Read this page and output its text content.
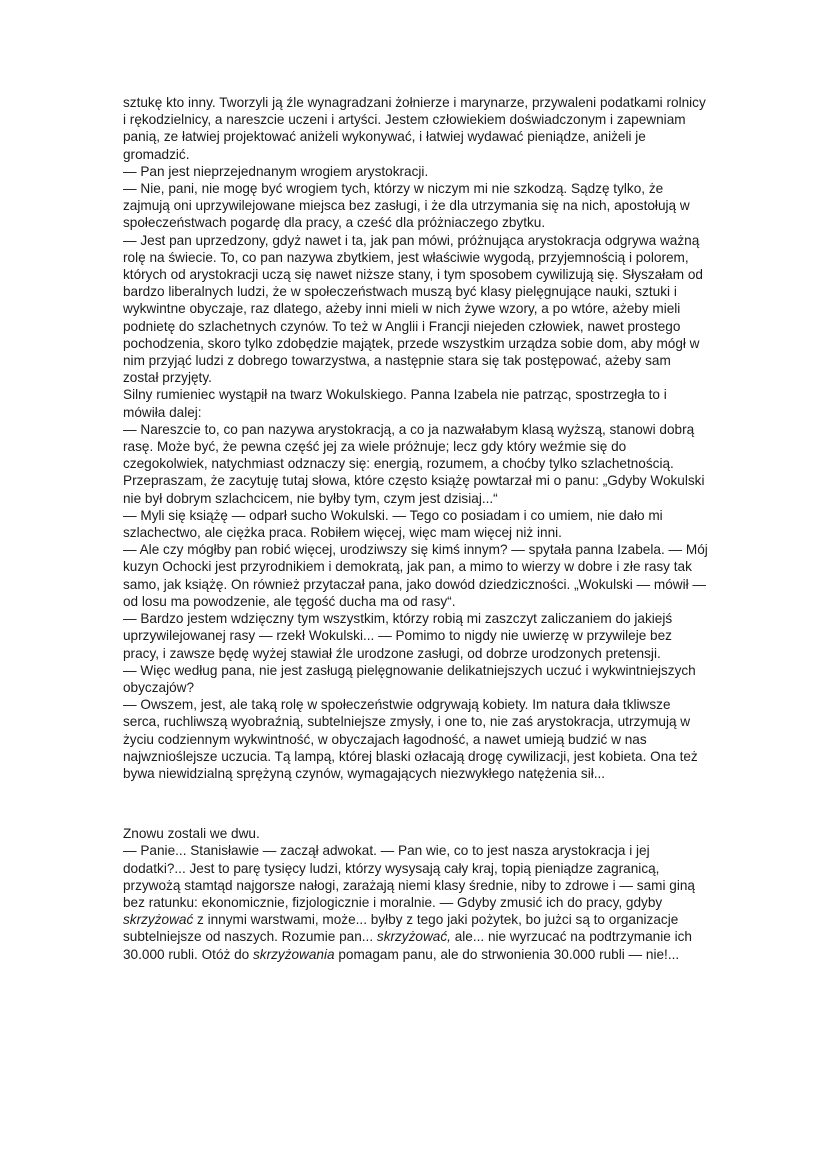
sztukę kto inny. Tworzyli ją źle wynagradzani żołnierze i marynarze, przywaleni podatkami rolnicy i rękodzielnicy, a nareszcie uczeni i artyści. Jestem człowiekiem doświadczonym i zapewniam panią, ze łatwiej projektować aniżeli wykonywać, i łatwiej wydawać pieniądze, aniżeli je gromadzić.

— Pan jest nieprzejednanym wrogiem arystokracji.

— Nie, pani, nie mogę być wrogiem tych, którzy w niczym mi nie szkodzą. Sądzę tylko, że zajmują oni uprzywilejowane miejsca bez zasługi, i że dla utrzymania się na nich, apostołują w społeczeństwach pogardę dla pracy, a cześć dla próżniaczego zbytku.

— Jest pan uprzedzony, gdyż nawet i ta, jak pan mówi, próżnująca arystokracja odgrywa ważną rolę na świecie. To, co pan nazywa zbytkiem, jest właściwie wygodą, przyjemnością i polorem, których od arystokracji uczą się nawet niższe stany, i tym sposobem cywilizują się. Słyszałam od bardzo liberalnych ludzi, że w społeczeństwach muszą być klasy pielęgnujące nauki, sztuki i wykwintne obyczaje, raz dlatego, ażeby inni mieli w nich żywe wzory, a po wtóre, ażeby mieli podnietę do szlachetnych czynów. To też w Anglii i Francji niejeden człowiek, nawet prostego pochodzenia, skoro tylko zdobędzie majątek, przede wszystkim urządza sobie dom, aby mógł w nim przyjąć ludzi z dobrego towarzystwa, a następnie stara się tak postępować, ażeby sam został przyjęty.

Silny rumieniec wystąpił na twarz Wokulskiego. Panna Izabela nie patrząc, spostrzegła to i mówiła dalej:

— Nareszcie to, co pan nazywa arystokracją, a co ja nazwałabym klasą wyższą, stanowi dobrą rasę. Może być, że pewna część jej za wiele próżnuje; lecz gdy który weźmie się do czegokolwiek, natychmiast odznaczy się: energią, rozumem, a choćby tylko szlachetnością. Przepraszam, że zacytuję tutaj słowa, które często książę powtarzał mi o panu: „Gdyby Wokulski nie był dobrym szlachcicem, nie byłby tym, czym jest dzisiaj...“

— Myli się książę — odparł sucho Wokulski. — Tego co posiadam i co umiem, nie dało mi szlachectwo, ale ciężka praca. Robiłem więcej, więc mam więcej niż inni.

— Ale czy mógłby pan robić więcej, urodziwszy się kimś innym? — spytała panna Izabela. — Mój kuzyn Ochocki jest przyrodnikiem i demokratą, jak pan, a mimo to wierzy w dobre i złe rasy tak samo, jak książę. On również przytaczał pana, jako dowód dziedziczności. „Wokulski — mówił — od losu ma powodzenie, ale tęgość ducha ma od rasy“.

— Bardzo jestem wdzięczny tym wszystkim, którzy robią mi zaszczyt zaliczaniem do jakiejś uprzywilejowanej rasy — rzekł Wokulski... — Pomimo to nigdy nie uwierzę w przywileje bez pracy, i zawsze będę wyżej stawiał źle urodzone zasługi, od dobrze urodzonych pretensji.

— Więc według pana, nie jest zasługą pielęgnowanie delikatniejszych uczuć i wykwintniejszych obyczajów?

— Owszem, jest, ale taką rolę w społeczeństwie odgrywają kobiety. Im natura dała tkliwsze serca, ruchliwszą wyobraźnią, subtelniejsze zmysły, i one to, nie zaś arystokracja, utrzymują w życiu codziennym wykwintność, w obyczajach łagodność, a nawet umieją budzić w nas najwznioślejsze uczucia. Tą lampą, której blaski ozłacają drogę cywilizacji, jest kobieta. Ona też bywa niewidzialną sprężyną czynów, wymagających niezwykłego natężenia sił...

Znowu zostali we dwu.

— Panie... Stanisławie — zaczął adwokat. — Pan wie, co to jest nasza arystokracja i jej dodatki?... Jest to parę tysięcy ludzi, którzy wysysają cały kraj, topią pieniądze zagranicą, przywożą stamtąd najgorsze nałogi, zarażają niemi klasy średnie, niby to zdrowe i — sami giną bez ratunku: ekonomicznie, fizjologicznie i moralnie. — Gdyby zmusić ich do pracy, gdyby skrzyżować z innymi warstwami, może... byłby z tego jaki pożytek, bo jużci są to organizacje subtelniejsze od naszych. Rozumie pan... skrzyżować, ale... nie wyrzucać na podtrzymanie ich 30.000 rubli. Otóż do skrzyżowania pomagam panu, ale do strwonienia 30.000 rubli — nie!...
